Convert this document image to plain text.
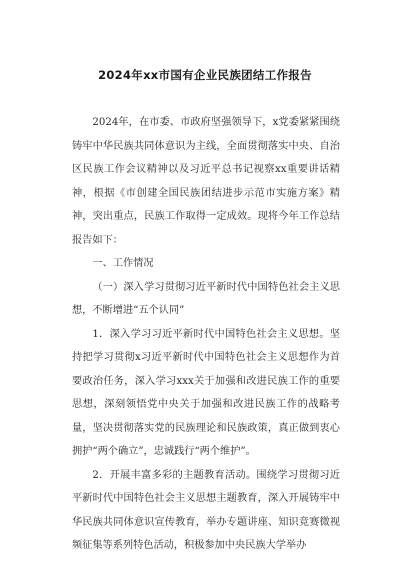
2024年xx市国有企业民族团结工作报告

2024年，在市委、市政府坚强领导下，x党委紧紧围绕铸牢中华民族共同体意识为主线，全面贯彻落实中央、自治区民族工作会议精神以及习近平总书记视察xx重要讲话精神，根据《市创建全国民族团结进步示范市实施方案》精神，突出重点，民族工作取得一定成效。现将今年工作总结报告如下：

一、工作情况

（一）深入学习贯彻习近平新时代中国特色社会主义思想，不断增进“五个认同”

1．深入学习习近平新时代中国特色社会主义思想。坚持把学习贯彻x习近平新时代中国特色社会主义思想作为首要政治任务，深入学习xxx关于加强和改进民族工作的重要思想，深刻领悟党中央关于加强和改进民族工作的战略考量，坚决贯彻落实党的民族理论和民族政策，真正做到衷心拥护“两个确立”，忠诚践行“两个维护”。

2．开展丰富多彩的主题教育活动。围绕学习贯彻习近平新时代中国特色社会主义思想主题教育，深入开展铸牢中华民族共同体意识宣传教育，举办专题讲座、知识竞赛微视频征集等系列特色活动，积极参加中央民族大学举办
